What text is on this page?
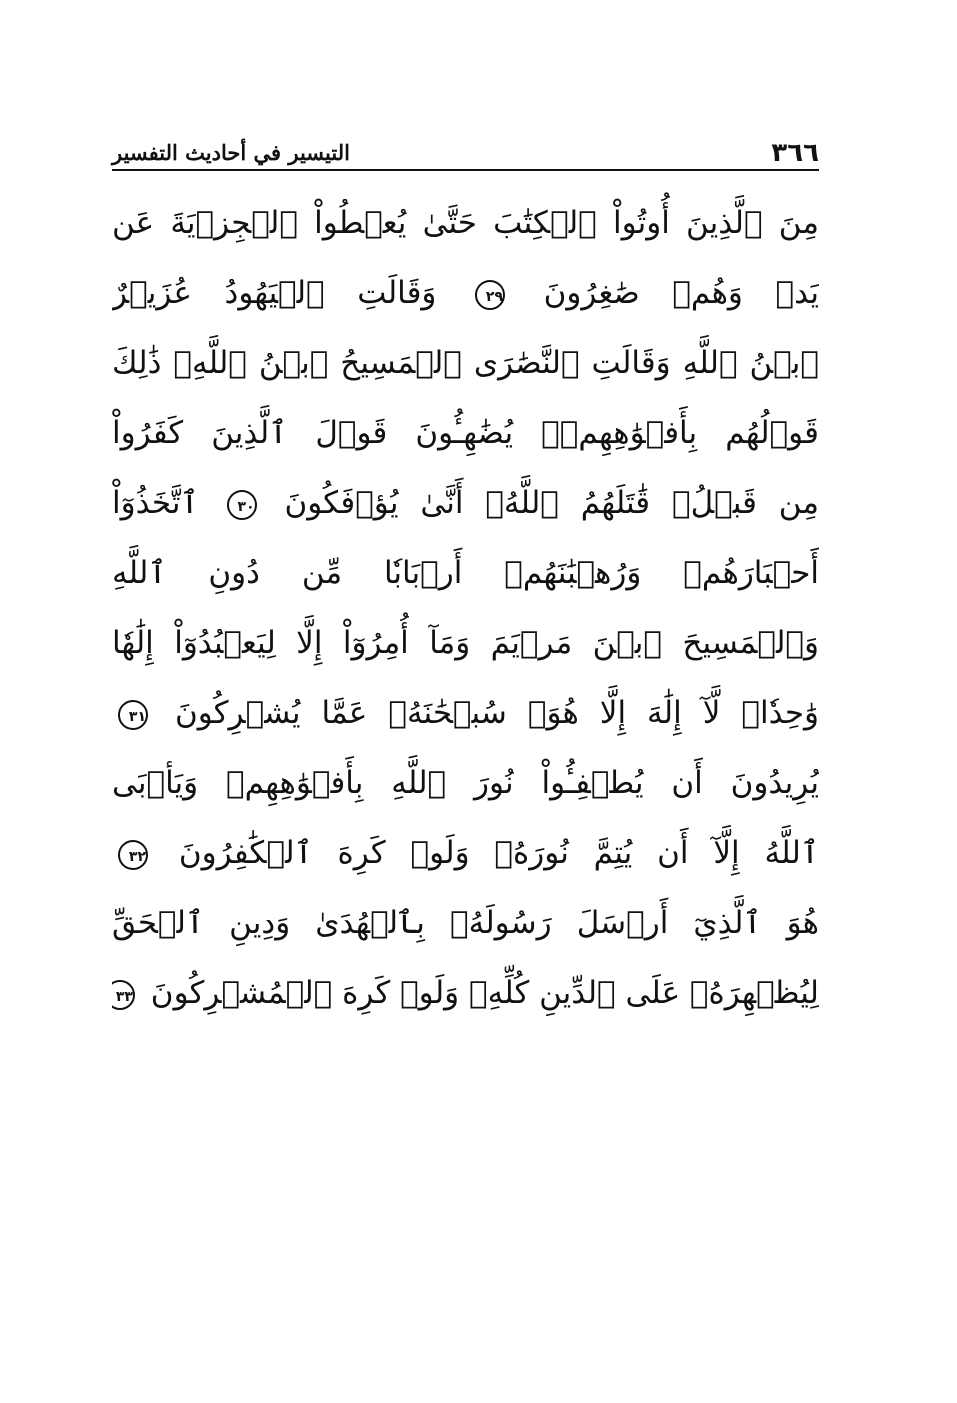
٣٦٦
التيسير في أحاديث التفسير
مِنَ ٱلَّذِينَ أُوتُواْ ٱلۡكِتَٰبَ حَتَّىٰ يُعۡطُواْ ٱلۡجِزۡيَةَ عَن
يَدٖ وَهُمۡ صَٰغِرُونَ ٢٩ وَقَالَتِ ٱلۡيَهُودُ عُزَيۡرٌ
ٱبۡنُ ٱللَّهِ وَقَالَتِ ٱلنَّصَٰرَى ٱلۡمَسِيحُ ٱبۡنُ ٱللَّهِۖ ذَٰلِكَ
قَوۡلُهُم بِأَفۡوَٰهِهِمۡۖ يُضَٰهِـُٔونَ قَوۡلَ ٱلَّذِينَ كَفَرُواْ
مِن قَبۡلُۚ قَٰتَلَهُمُ ٱللَّهُۖ أَنَّىٰ يُؤۡفَكُونَ ٣٠ ٱتَّخَذُوٓاْ
أَحۡبَارَهُمۡ وَرُهۡبَٰنَهُمۡ أَرۡبَابٗا مِّن دُونِ ٱللَّهِ
وَٱلۡمَسِيحَ ٱبۡنَ مَرۡيَمَ وَمَآ أُمِرُوٓاْ إِلَّا لِيَعۡبُدُوٓاْ إِلَٰهٗا
وَٰحِدٗاۖ لَّآ إِلَٰهَ إِلَّا هُوَۚ سُبۡحَٰنَهُۥ عَمَّا يُشۡرِكُونَ ٣١
يُرِيدُونَ أَن يُطۡفِـُٔواْ نُورَ ٱللَّهِ بِأَفۡوَٰهِهِمۡ وَيَأۡبَى
ٱللَّهُ إِلَّآ أَن يُتِمَّ نُورَهُۥ وَلَوۡ كَرِهَ ٱلۡكَٰفِرُونَ ٣٢
هُوَ ٱلَّذِيٓ أَرۡسَلَ رَسُولَهُۥ بِٱلۡهُدَىٰ وَدِينِ ٱلۡحَقِّ
لِيُظۡهِرَهُۥ عَلَى ٱلدِّينِ كُلِّهِۦ وَلَوۡ كَرِهَ ٱلۡمُشۡرِكُونَ ٣٣
